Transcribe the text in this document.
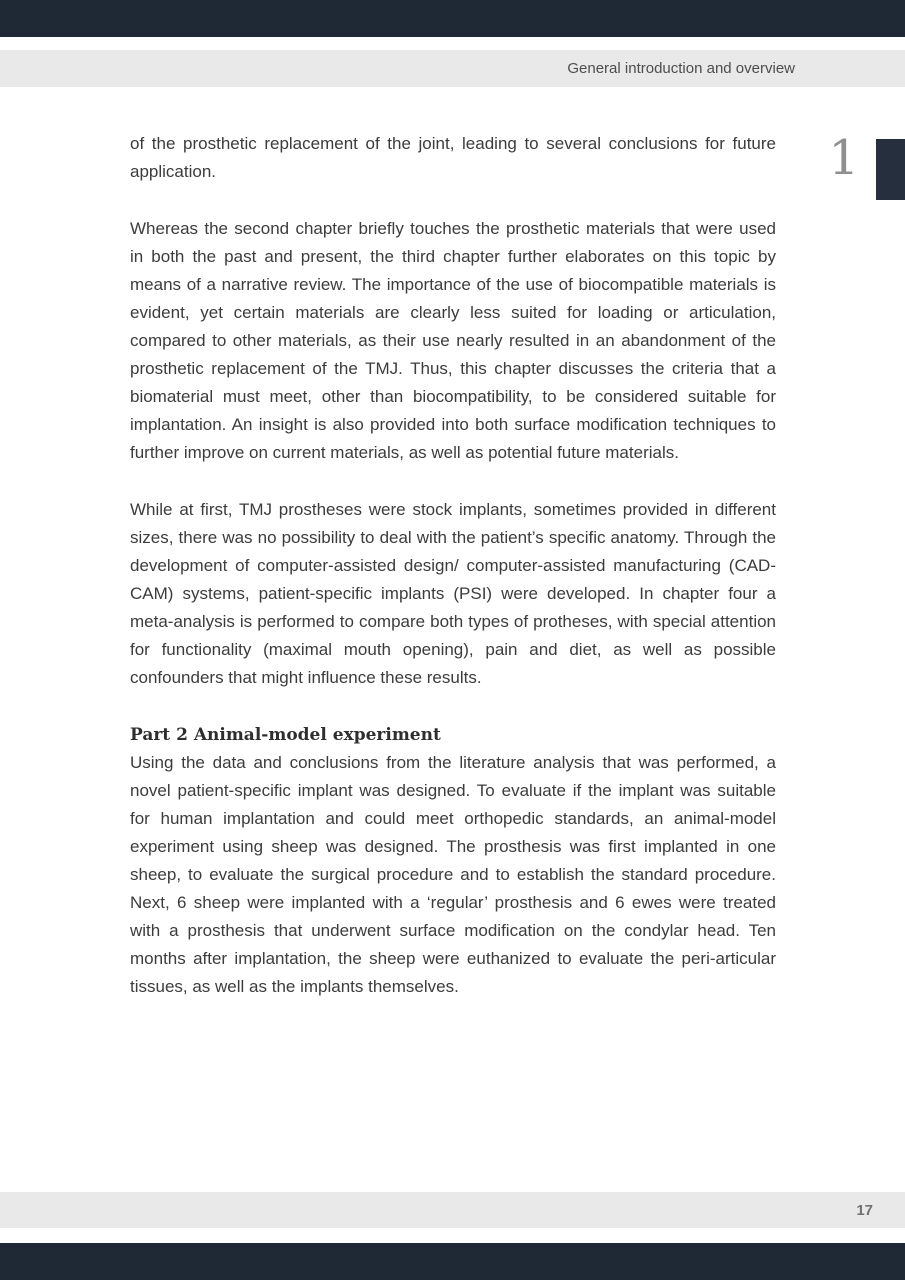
General introduction and overview
1

of the prosthetic replacement of the joint, leading to several conclusions for future application.

Whereas the second chapter briefly touches the prosthetic materials that were used in both the past and present, the third chapter further elaborates on this topic by means of a narrative review. The importance of the use of biocompatible materials is evident, yet certain materials are clearly less suited for loading or articulation, compared to other materials, as their use nearly resulted in an abandonment of the prosthetic replacement of the TMJ. Thus, this chapter discusses the criteria that a biomaterial must meet, other than biocompatibility, to be considered suitable for implantation. An insight is also provided into both surface modification techniques to further improve on current materials, as well as potential future materials.

While at first, TMJ prostheses were stock implants, sometimes provided in different sizes, there was no possibility to deal with the patient’s specific anatomy. Through the development of computer-assisted design/ computer-assisted manufacturing (CAD-CAM) systems, patient-specific implants (PSI) were developed. In chapter four a meta-analysis is performed to compare both types of protheses, with special attention for functionality (maximal mouth opening), pain and diet, as well as possible confounders that might influence these results.

Part 2 Animal-model experiment

Using the data and conclusions from the literature analysis that was performed, a novel patient-specific implant was designed. To evaluate if the implant was suitable for human implantation and could meet orthopedic standards, an animal-model experiment using sheep was designed. The prosthesis was first implanted in one sheep, to evaluate the surgical procedure and to establish the standard procedure. Next, 6 sheep were implanted with a ‘regular’ prosthesis and 6 ewes were treated with a prosthesis that underwent surface modification on the condylar head. Ten months after implantation, the sheep were euthanized to evaluate the peri-articular tissues, as well as the implants themselves.

17
